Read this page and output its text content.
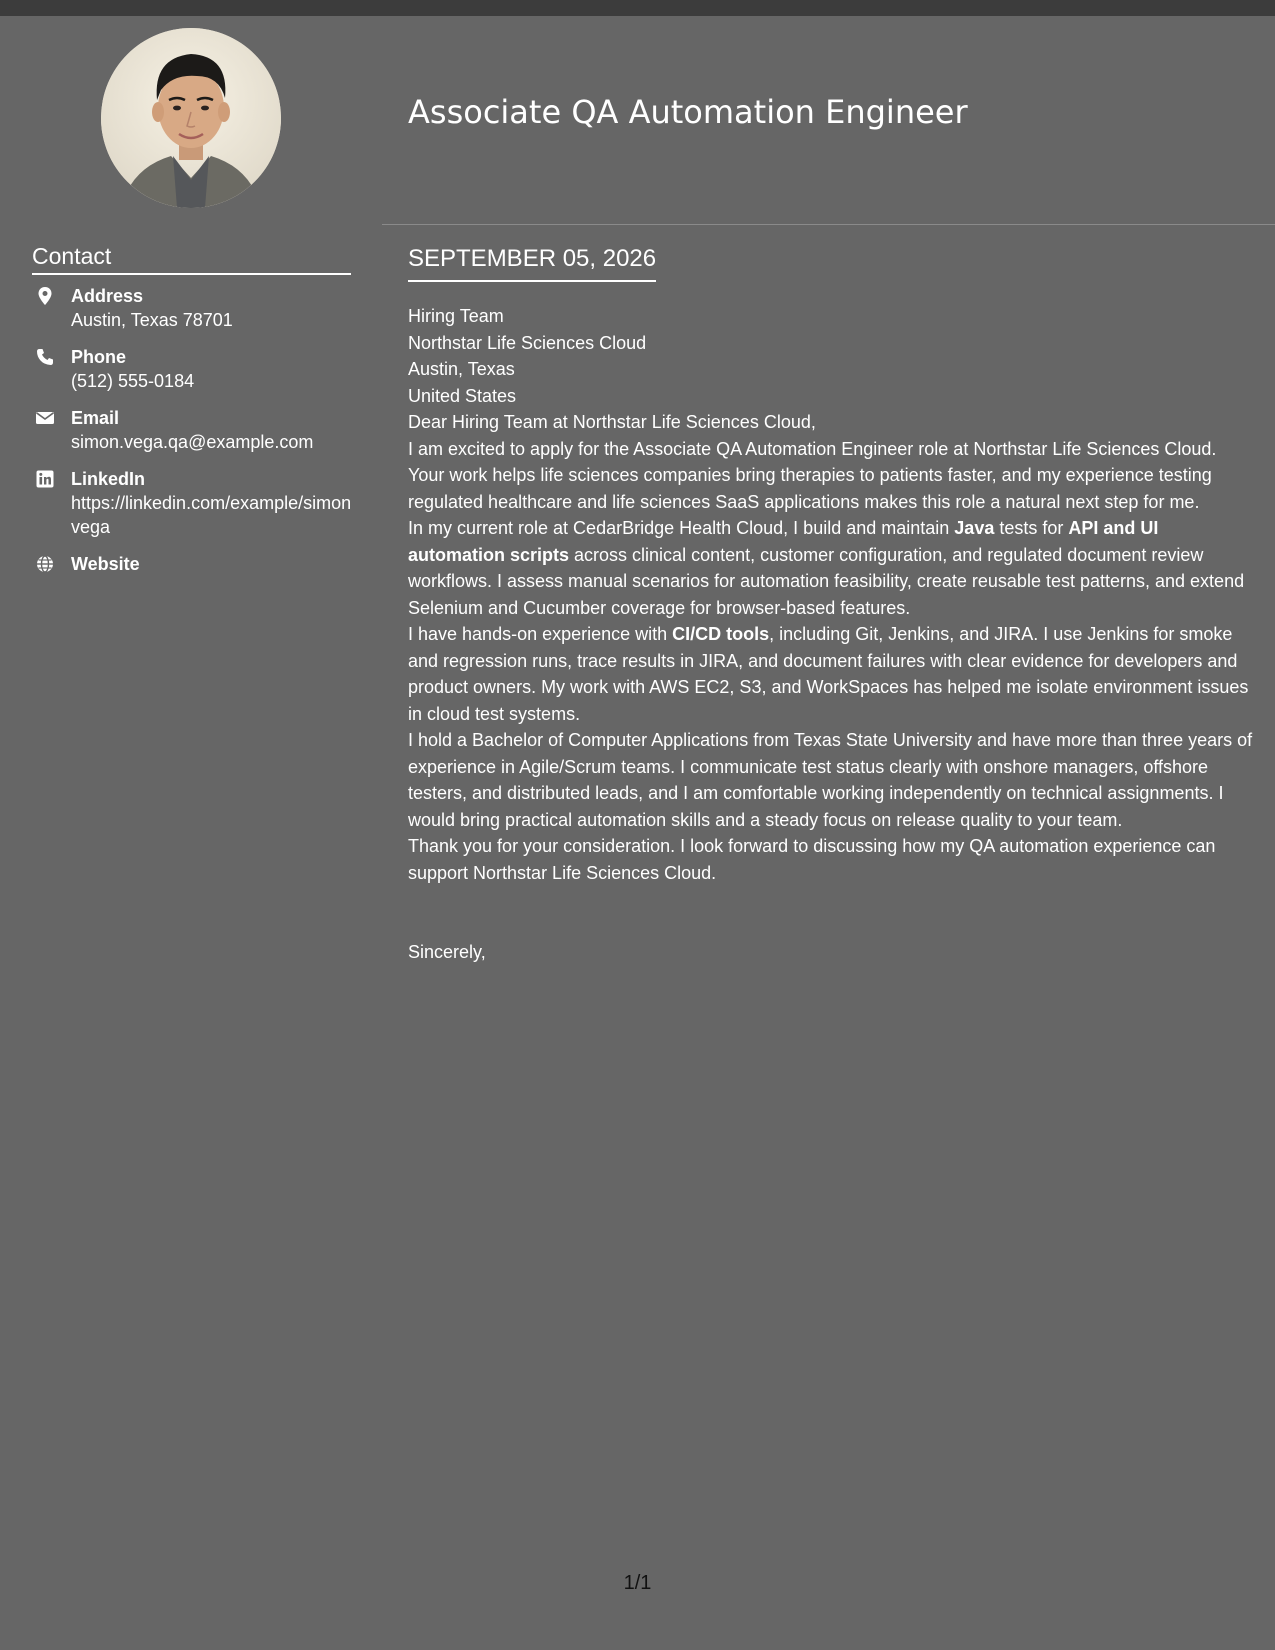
Contact
Address
Austin, Texas 78701
Phone
(512) 555-0184
Email
simon.vega.qa@example.com
LinkedIn
https://linkedin.com/example/simonvega
Website
Associate QA Automation Engineer
SEPTEMBER 05, 2026

Hiring Team

Northstar Life Sciences Cloud

Austin, Texas

United States

Dear Hiring Team at Northstar Life Sciences Cloud,

I am excited to apply for the Associate QA Automation Engineer role at Northstar Life Sciences Cloud. Your work helps life sciences companies bring therapies to patients faster, and my experience testing regulated healthcare and life sciences SaaS applications makes this role a natural next step for me.

In my current role at CedarBridge Health Cloud, I build and maintain Java tests for API and UI automation scripts across clinical content, customer configuration, and regulated document review workflows. I assess manual scenarios for automation feasibility, create reusable test patterns, and extend Selenium and Cucumber coverage for browser-based features.

I have hands-on experience with CI/CD tools, including Git, Jenkins, and JIRA. I use Jenkins for smoke and regression runs, trace results in JIRA, and document failures with clear evidence for developers and product owners. My work with AWS EC2, S3, and WorkSpaces has helped me isolate environment issues in cloud test systems.

I hold a Bachelor of Computer Applications from Texas State University and have more than three years of experience in Agile/Scrum teams. I communicate test status clearly with onshore managers, offshore testers, and distributed leads, and I am comfortable working independently on technical assignments. I would bring practical automation skills and a steady focus on release quality to your team.

Thank you for your consideration. I look forward to discussing how my QA automation experience can support Northstar Life Sciences Cloud.

Sincerely,

1/1
